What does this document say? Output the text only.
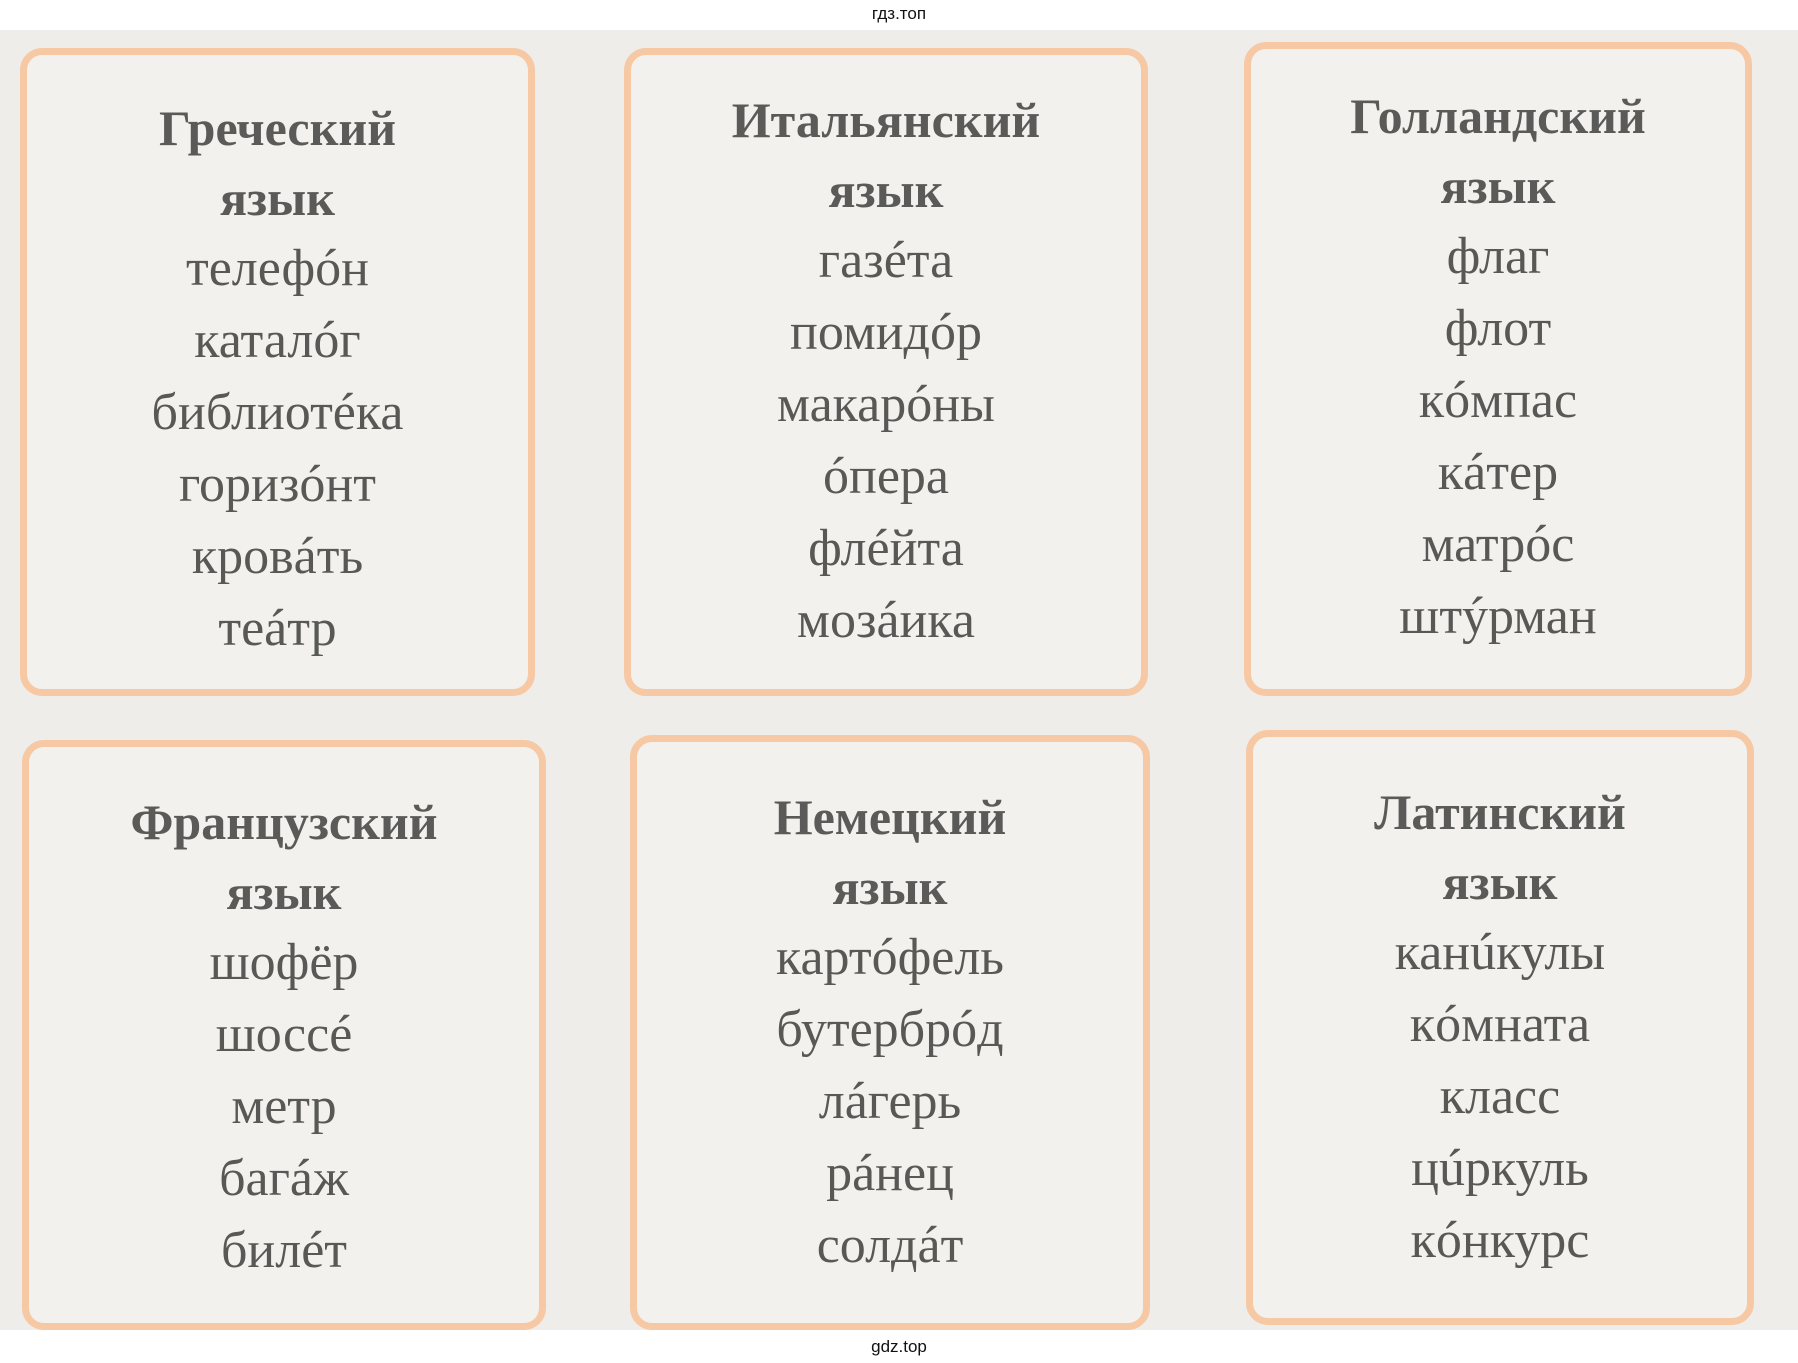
гдз.топ
Греческий
язык
телефóн
каталóг
библиотéка
горизóнт
кровáть
теáтр
Итальянский
язык
газéта
помидóр
макарóны
óпера
флéйта
мозáика
Голландский
язык
флаг
флот
кóмпас
кáтер
матрóс
штýрман
Французский
язык
шофёр
шоссé
метр
багáж
билéт
Немецкий
язык
картóфель
бутербрóд
лáгерь
рáнец
солдáт
Латинский
язык
канúкулы
кóмната
класс
цúркуль
кóнкурс
gdz.top
